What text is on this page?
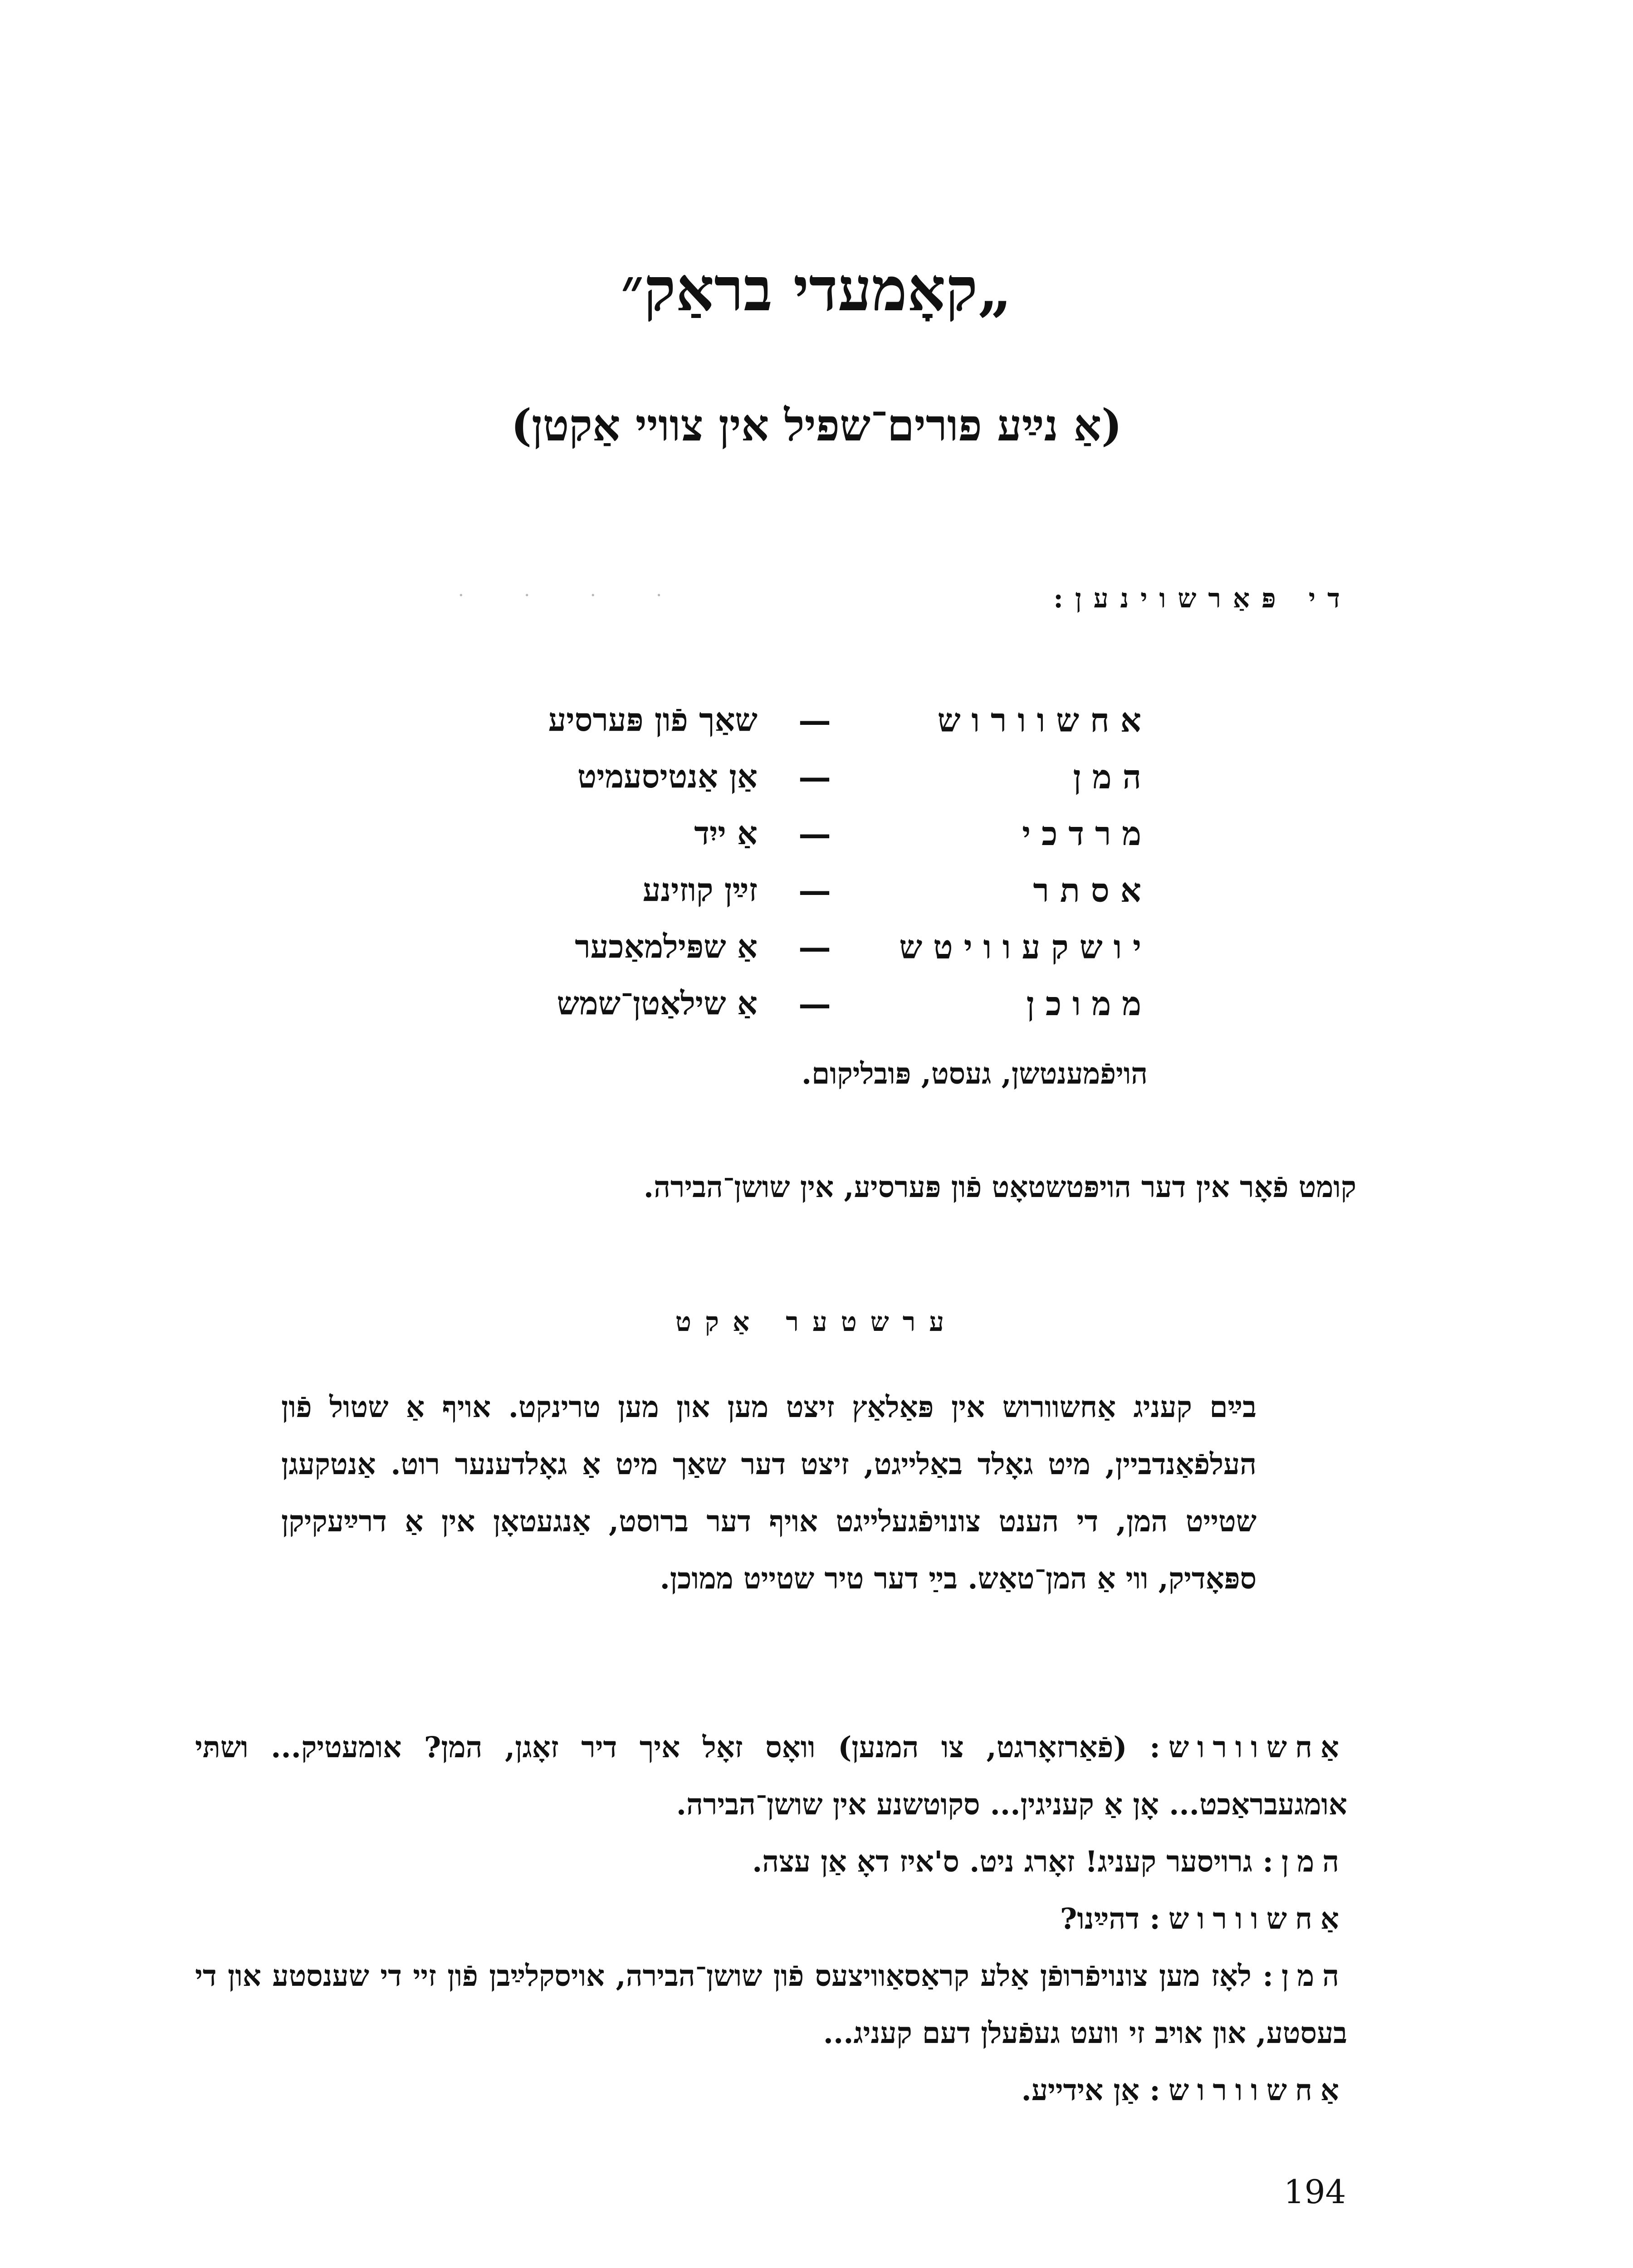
„קאָמעדי בראַק״
(אַ נײַע פורים־שפיל אין צוויי אַקטן)
· · · ·	די פּאַרשוינען:
אחשוורוש
—
שאַך פֿון פּערסיע
המן
—
אַן אַנטיסעמיט
מרדכי
—
אַ ייִד
אסתר
—
זײַן קוזינע
יושקעוויטש
—
אַ שפּילמאַכער
ממוכן
—
אַ שילאַטן־שמש
הויפֿמענטשן, געסט, פּובליקום.
קומט פֿאָר אין דער הויפּטשטאָט פֿון פּערסיע, אין שושן־הבירה.
ערשטער אַקט
בײַם קעניג אַחשוורוש אין פּאַלאַץ זיצט מען און מען טרינקט. אויף אַ שטול פֿון העלפֿאַנדביין, מיט גאָלד באַלייגט, זיצט דער שאַך מיט אַ גאָלדענער רוט. אַנטקעגן שטייט המן, די הענט צונויפֿגעלייגט אויף דער ברוסט, אַנגעטאָן אין אַ דרײַעקיקן ספּאָדיק, ווי אַ המן־טאַש. בײַ דער טיר שטייט ממוכן.

אַחשוורוש: (פֿאַרזאָרגט, צו המנען) וואָס זאָל איך דיר זאָגן, המן? אומעטיק... ושתּי אומגעבראַכט... אָן אַ קעניגין... סקוטשנע אין שושן־הבירה.

המן: גרויסער קעניג! זאָרג ניט. ס'איז דאָ אַן עצה.

אַחשוורוש: דהײַנו?

המן: לאָז מען צונויפֿרופֿן אַלע קראַסאַוויצעס פֿון שושן־הבירה, אויסקלײַבן פֿון זיי די שענסטע און די בעסטע, און אויב זי וועט געפֿעלן דעם קעניג...

אַחשוורוש: אַן אידייע.

194
